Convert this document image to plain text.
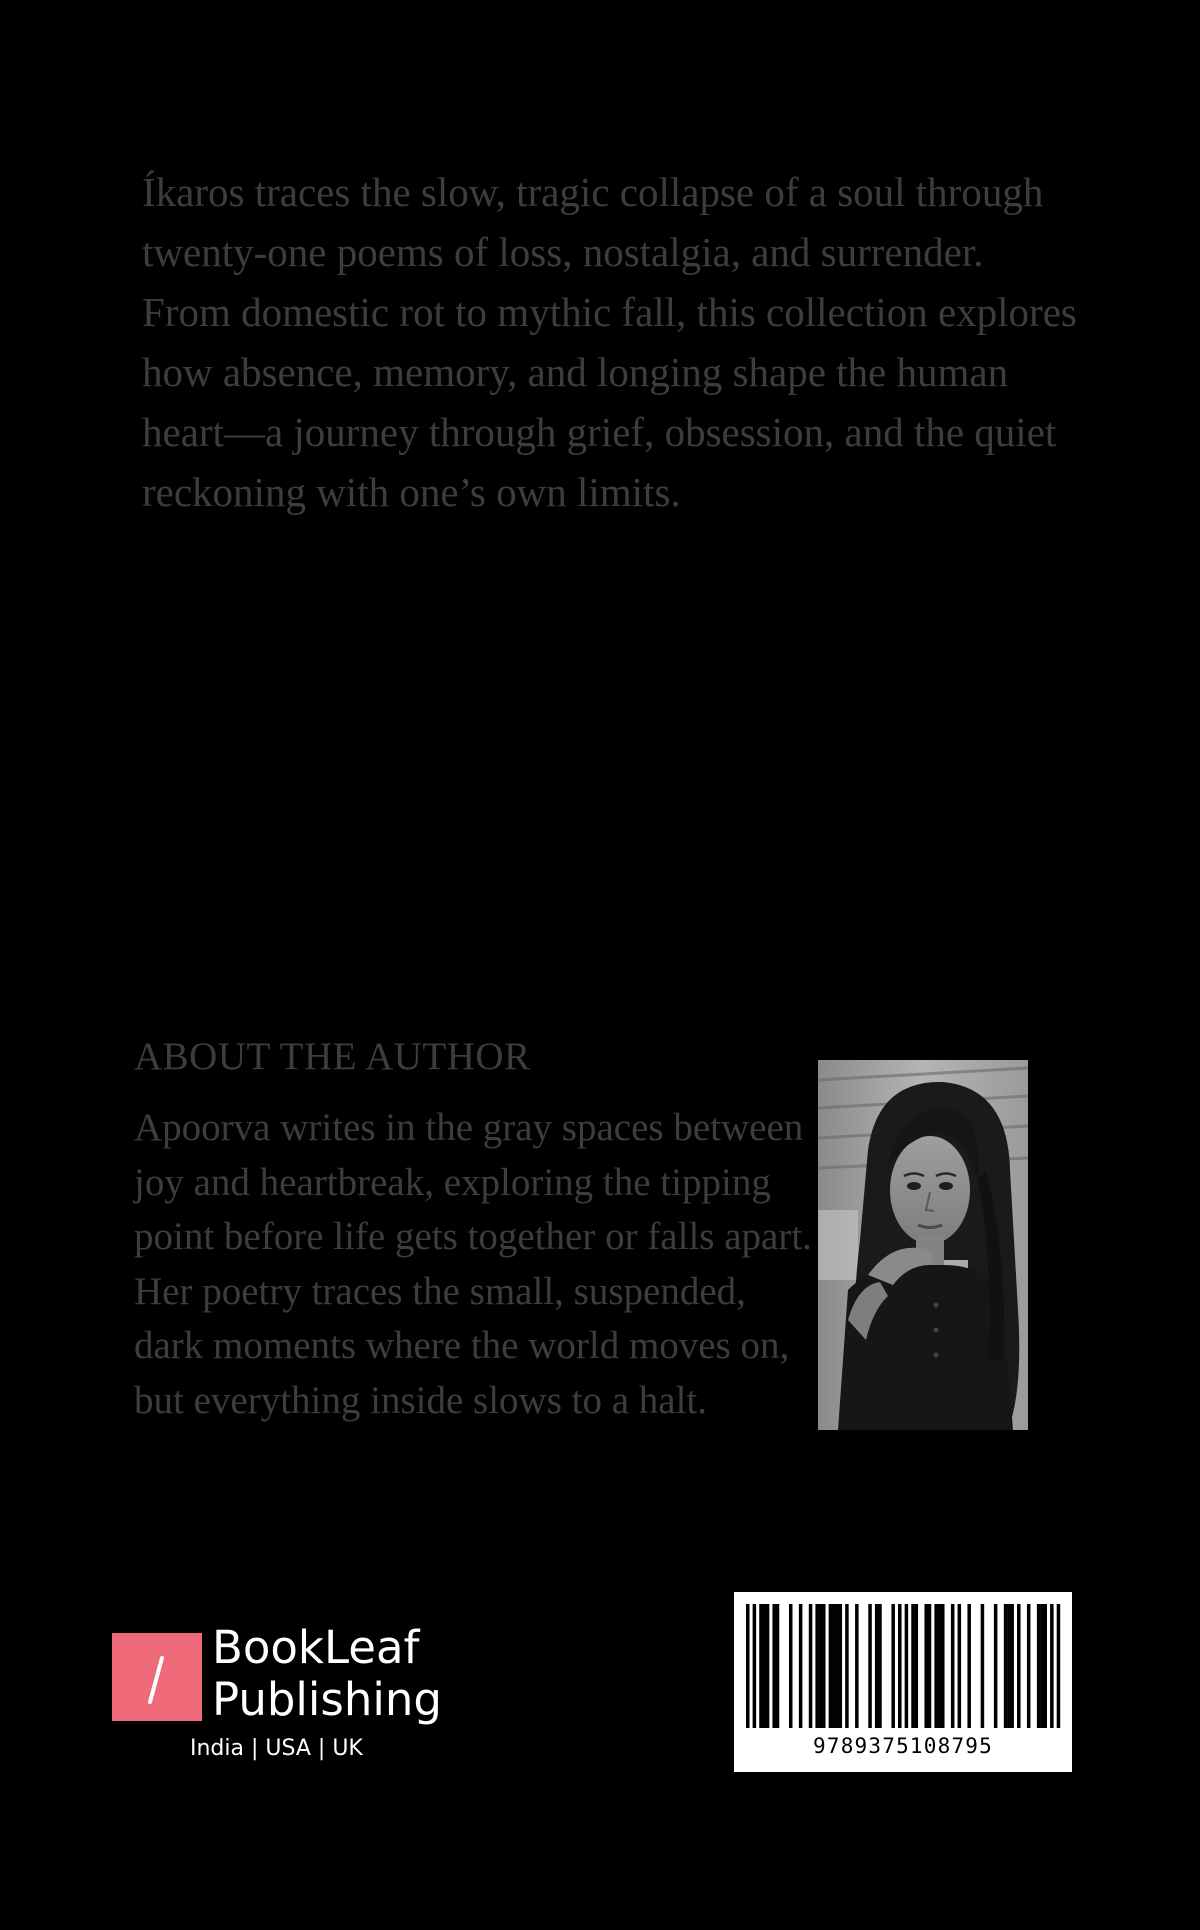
Íkaros traces the slow, tragic collapse of a soul through twenty-one poems of loss, nostalgia, and surrender. From domestic rot to mythic fall, this collection explores how absence, memory, and longing shape the human heart—a journey through grief, obsession, and the quiet reckoning with one’s own limits.

ABOUT THE AUTHOR

Apoorva writes in the gray spaces between joy and heartbreak, exploring the tipping point before life gets together or falls apart. Her poetry traces the small, suspended, dark moments where the world moves on, but everything inside slows to a halt.

BookLeaf
Publishing
India | USA | UK	9789375108795
